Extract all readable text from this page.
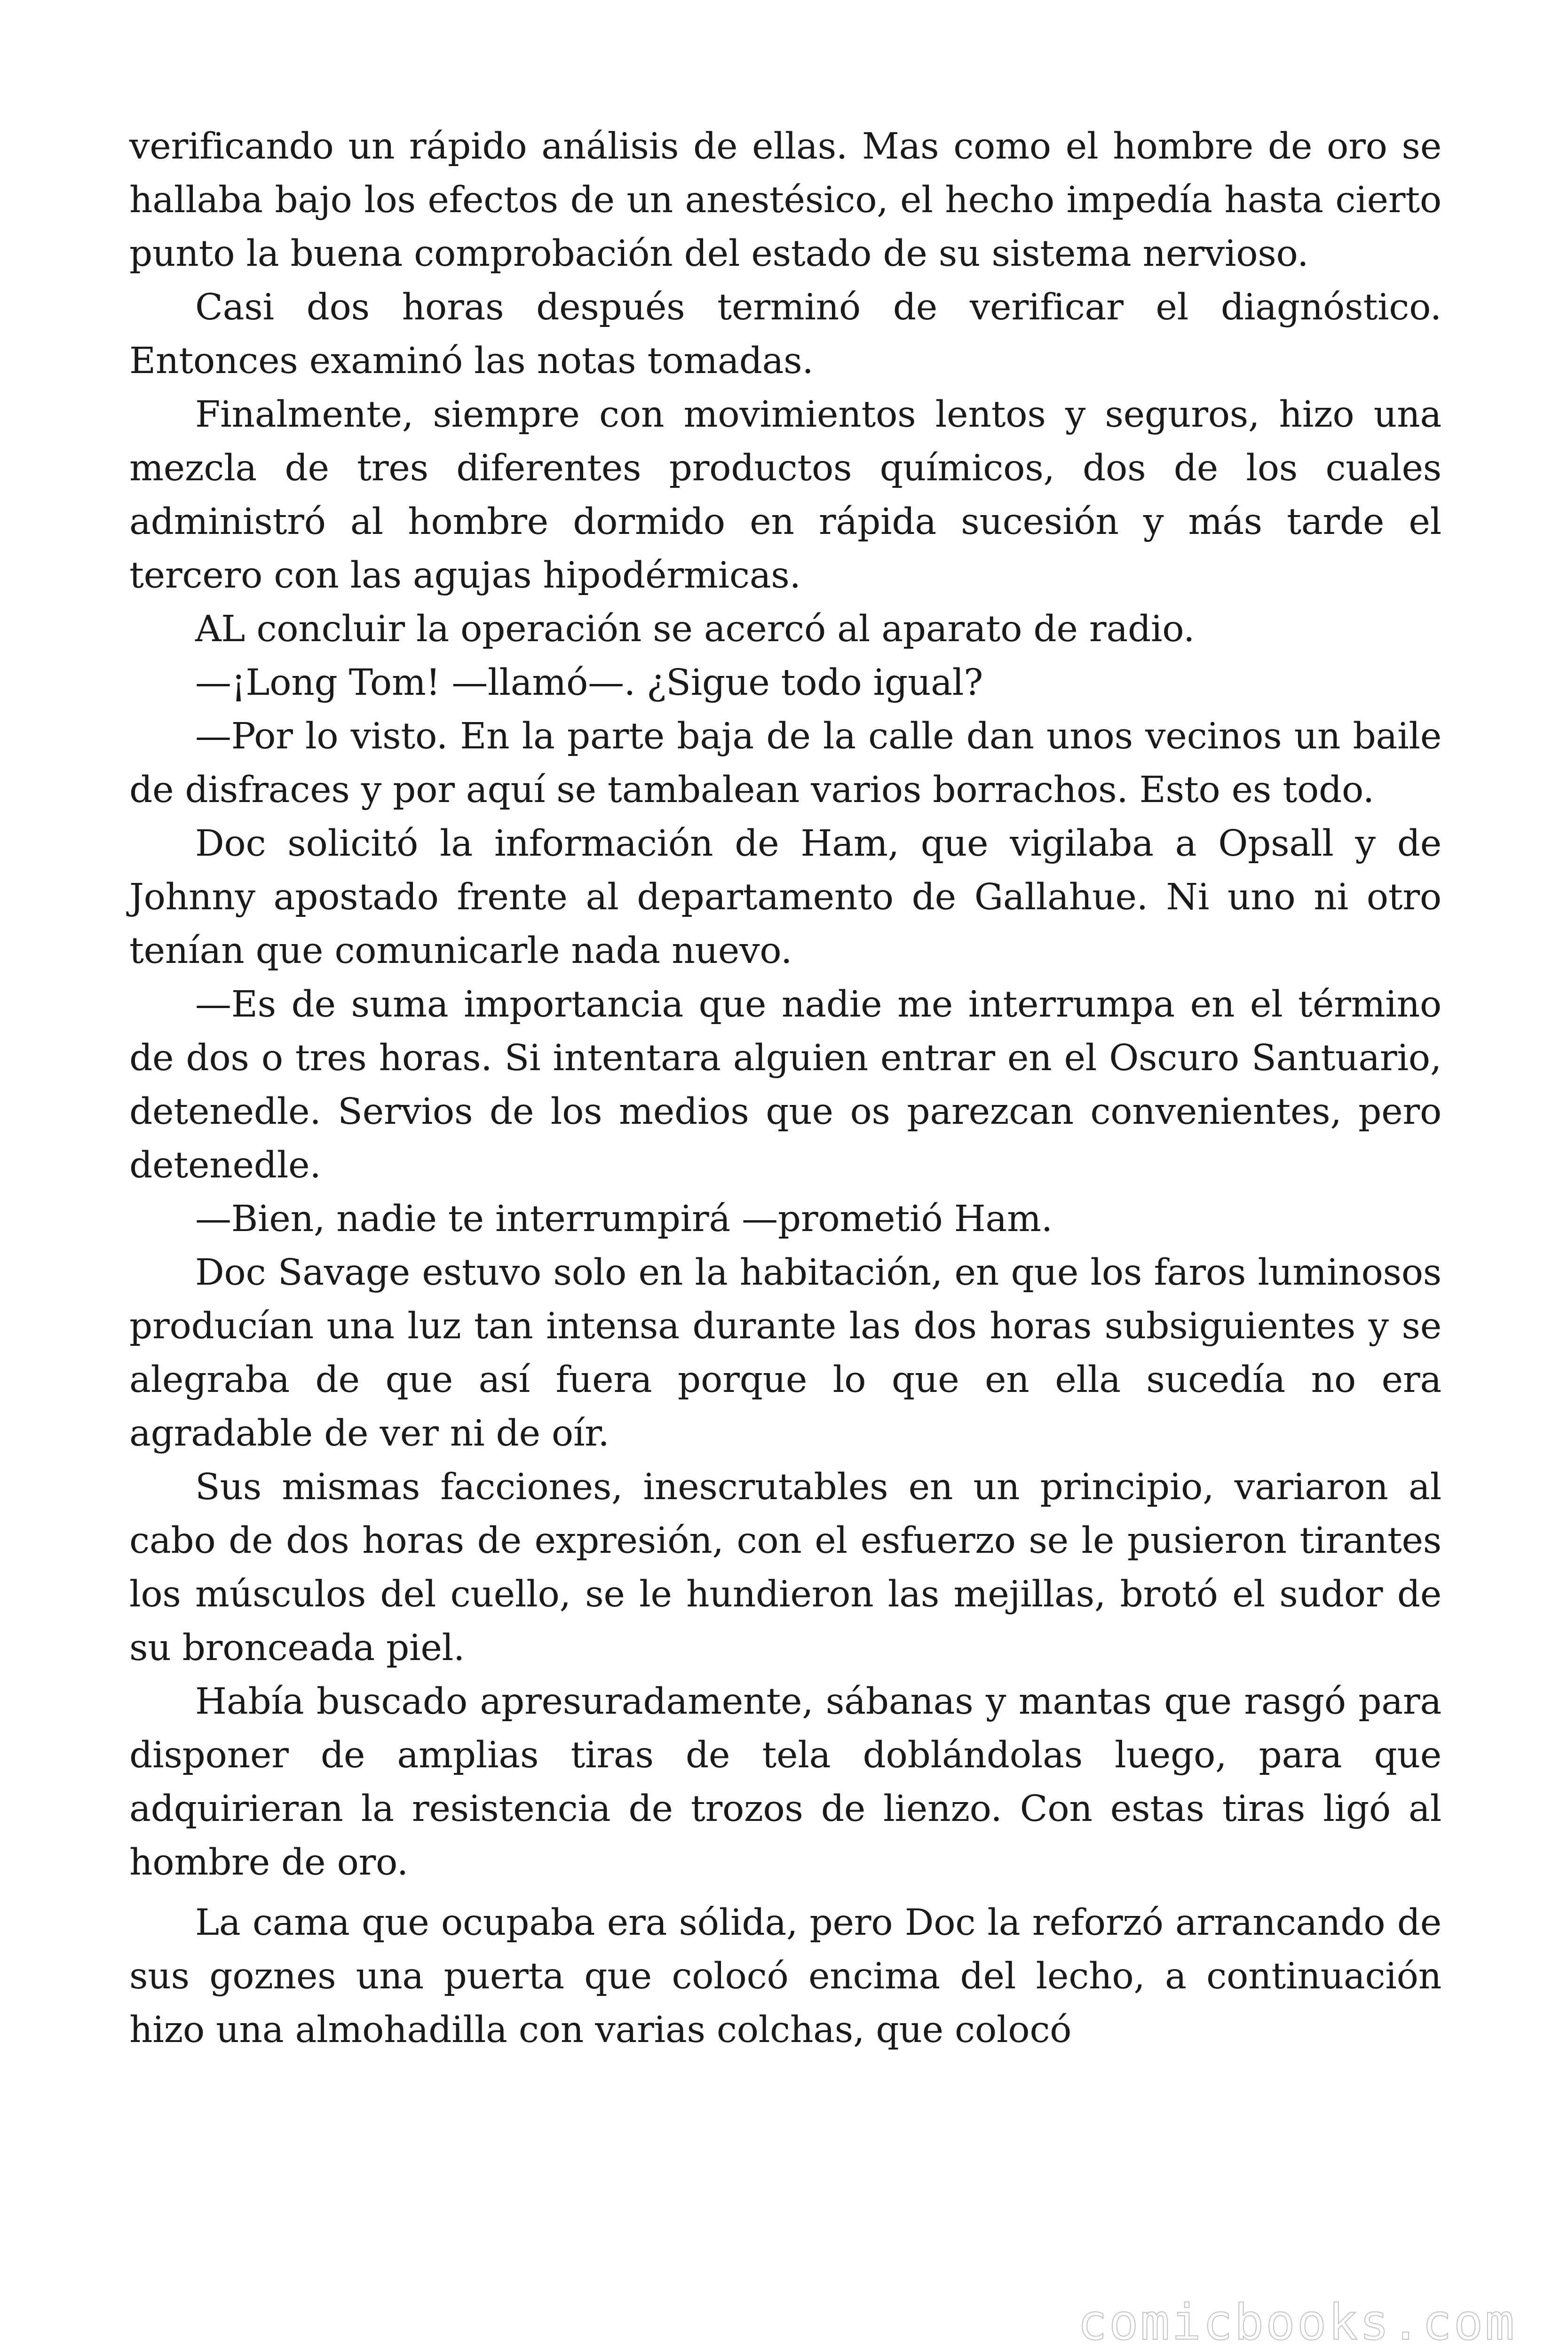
verificando un rápido análisis de ellas. Mas como el hombre de oro se hallaba bajo los efectos de un anestésico, el hecho impedía hasta cierto punto la buena comprobación del estado de su sistema nervioso.

Casi dos horas después terminó de verificar el diagnóstico. Entonces examinó las notas tomadas.

Finalmente, siempre con movimientos lentos y seguros, hizo una mezcla de tres diferentes productos químicos, dos de los cuales administró al hombre dormido en rápida sucesión y más tarde el tercero con las agujas hipodérmicas.

AL concluir la operación se acercó al aparato de radio.

—¡Long Tom! —llamó—. ¿Sigue todo igual?

—Por lo visto. En la parte baja de la calle dan unos vecinos un baile de disfraces y por aquí se tambalean varios borrachos. Esto es todo.

Doc solicitó la información de Ham, que vigilaba a Opsall y de Johnny apostado frente al departamento de Gallahue. Ni uno ni otro tenían que comunicarle nada nuevo.

—Es de suma importancia que nadie me interrumpa en el término de dos o tres horas. Si intentara alguien entrar en el Oscuro Santuario, detenedle. Servios de los medios que os parezcan convenientes, pero detenedle.

—Bien, nadie te interrumpirá —prometió Ham.

Doc Savage estuvo solo en la habitación, en que los faros luminosos producían una luz tan intensa durante las dos horas subsiguientes y se alegraba de que así fuera porque lo que en ella sucedía no era agradable de ver ni de oír.

Sus mismas facciones, inescrutables en un principio, variaron al cabo de dos horas de expresión, con el esfuerzo se le pusieron tirantes los músculos del cuello, se le hundieron las mejillas, brotó el sudor de su bronceada piel.

Había buscado apresuradamente, sábanas y mantas que rasgó para disponer de amplias tiras de tela doblándolas luego, para que adquirieran la resistencia de trozos de lienzo. Con estas tiras ligó al hombre de oro.

La cama que ocupaba era sólida, pero Doc la reforzó arrancando de sus goznes una puerta que colocó encima del lecho, a continuación hizo una almohadilla con varias colchas, que colocó

comicbooks.com
